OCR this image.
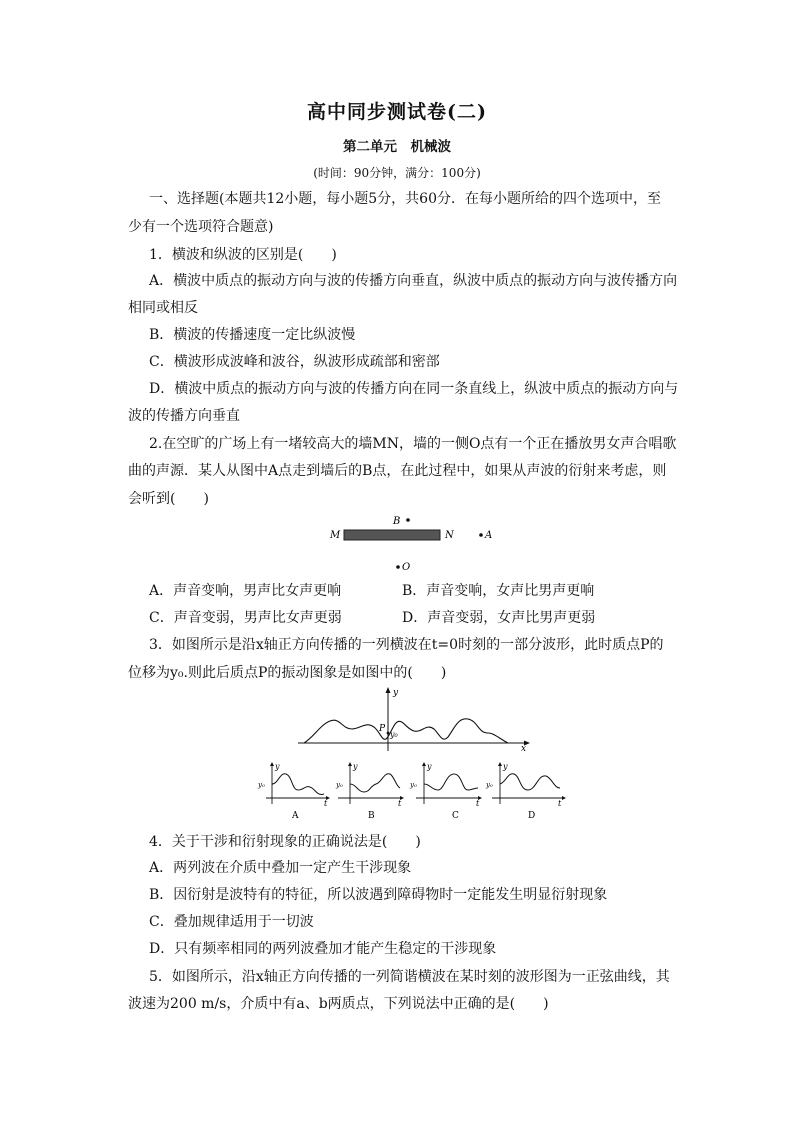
高中同步测试卷(二)
第二单元　机械波
(时间：90分钟，满分：100分)
一、选择题(本题共12小题，每小题5分，共60分．在每小题所给的四个选项中，至
少有一个选项符合题意)
1．横波和纵波的区别是(　　)
A．横波中质点的振动方向与波的传播方向垂直，纵波中质点的振动方向与波传播方向
相同或相反
B．横波的传播速度一定比纵波慢
C．横波形成波峰和波谷，纵波形成疏部和密部
D．横波中质点的振动方向与波的传播方向在同一条直线上，纵波中质点的振动方向与
波的传播方向垂直
2.在空旷的广场上有一堵较高大的墙MN，墙的一侧O点有一个正在播放男女声合唱歌
曲的声源．某人从图中A点走到墙后的B点，在此过程中，如果从声波的衍射来考虑，则
会听到(　　)
B
M	N	A
O
A．声音变响，男声比女声更响	B．声音变响，女声比男声更响
C．声音变弱，男声比女声更弱	D．声音变弱，女声比男声更弱
3．如图所示是沿x轴正方向传播的一列横波在t=0时刻的一部分波形，此时质点P的
位移为y₀.则此后质点P的振动图象是如图中的(　　)
x
y
P
y₀
y
y₀
t
A
y
y₀
t
B
y
y₀
t
C
y
y₀
t
D
4．关于干涉和衍射现象的正确说法是(　　)
A．两列波在介质中叠加一定产生干涉现象
B．因衍射是波特有的特征，所以波遇到障碍物时一定能发生明显衍射现象
C．叠加规律适用于一切波
D．只有频率相同的两列波叠加才能产生稳定的干涉现象
5．如图所示，沿x轴正方向传播的一列简谐横波在某时刻的波形图为一正弦曲线，其
波速为200 m/s，介质中有a、b两质点，下列说法中正确的是(　　)
